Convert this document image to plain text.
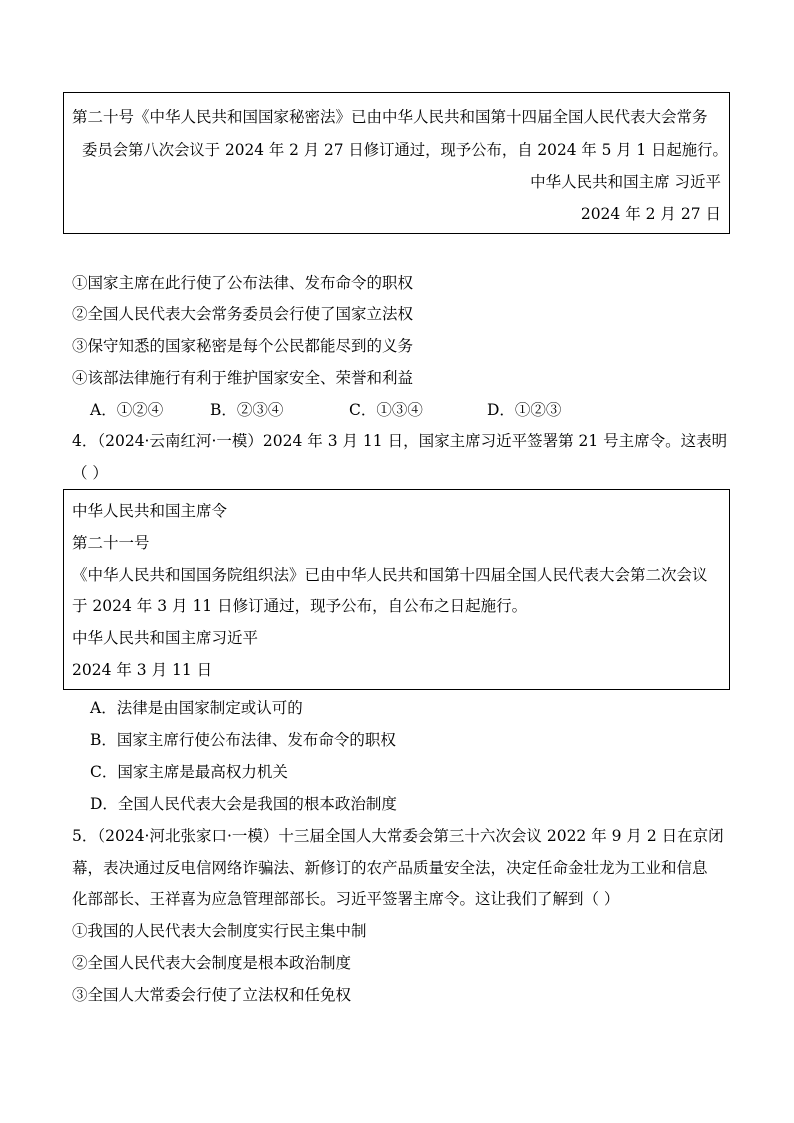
第二十号《中华人民共和国国家秘密法》已由中华人民共和国第十四届全国人民代表大会常务
委员会第八次会议于 2024 年 2 月 27 日修订通过，现予公布，自 2024 年 5 月 1 日起施行。
中华人民共和国主席 习近平
2024 年 2 月 27 日
①国家主席在此行使了公布法律、发布命令的职权
②全国人民代表大会常务委员会行使了国家立法权
③保守知悉的国家秘密是每个公民都能尽到的义务
④该部法律施行有利于维护国家安全、荣誉和利益
A．①②④	B．②③④	C．①③④	D．①②③
4．（2024·云南红河·一模）2024 年 3 月 11 日，国家主席习近平签署第 21 号主席令。这表明
（ ）
中华人民共和国主席令
第二十一号
《中华人民共和国国务院组织法》已由中华人民共和国第十四届全国人民代表大会第二次会议
于 2024 年 3 月 11 日修订通过，现予公布，自公布之日起施行。
中华人民共和国主席习近平
2024 年 3 月 11 日
A．法律是由国家制定或认可的
B．国家主席行使公布法律、发布命令的职权
C．国家主席是最高权力机关
D．全国人民代表大会是我国的根本政治制度
5．（2024·河北张家口·一模）十三届全国人大常委会第三十六次会议 2022 年 9 月 2 日在京闭
幕，表决通过反电信网络诈骗法、新修订的农产品质量安全法，决定任命金壮龙为工业和信息
化部部长、王祥喜为应急管理部部长。习近平签署主席令。这让我们了解到（ ）
①我国的人民代表大会制度实行民主集中制
②全国人民代表大会制度是根本政治制度
③全国人大常委会行使了立法权和任免权
